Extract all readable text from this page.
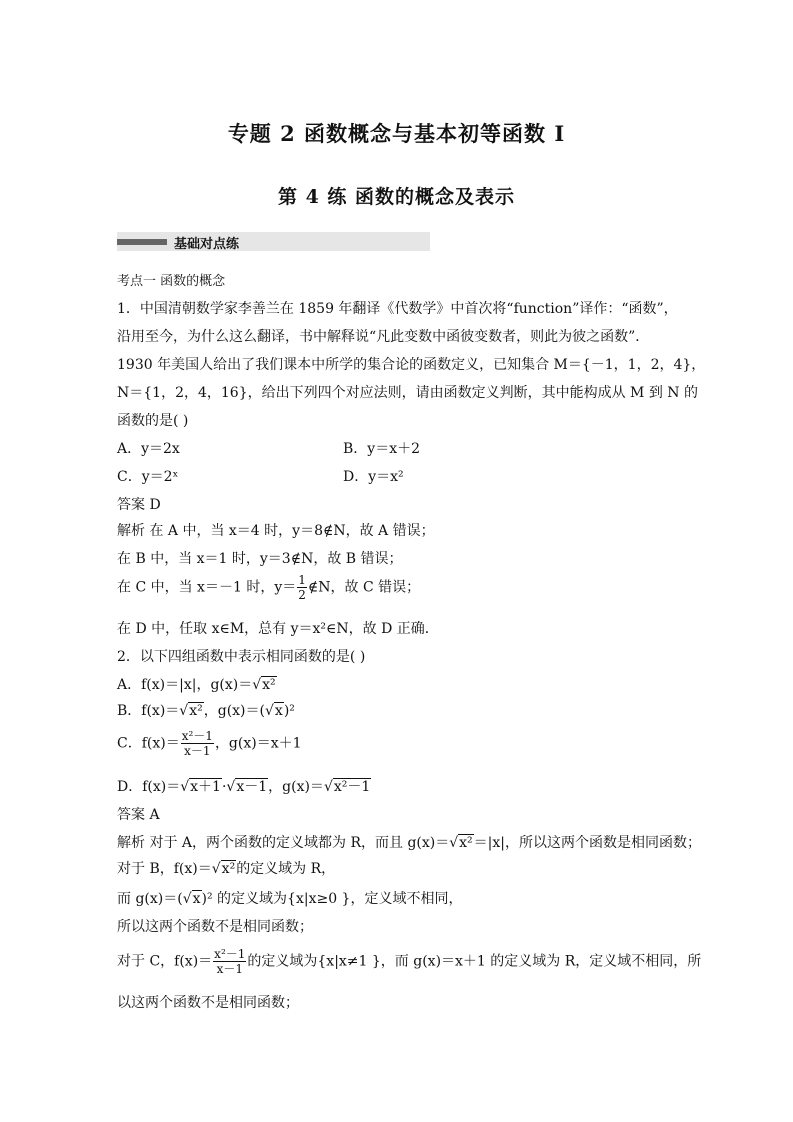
专题 2 函数概念与基本初等函数 Ⅰ
第 4 练 函数的概念及表示
基础对点练
考点一 函数的概念
1．中国清朝数学家李善兰在 1859 年翻译《代数学》中首次将“function”译作：“函数”，
沿用至今，为什么这么翻译，书中解释说“凡此变数中函彼变数者，则此为彼之函数”．
1930 年美国人给出了我们课本中所学的集合论的函数定义，已知集合 M＝{－1，1，2，4}，
N＝{1，2，4，16}，给出下列四个对应法则，请由函数定义判断，其中能构成从 M 到 N 的
函数的是( )
A．y＝2x	B．y＝x＋2
C．y＝2ˣ	D．y＝x²
答案 D
解析 在 A 中，当 x＝4 时，y＝8∉N，故 A 错误；
在 B 中，当 x＝1 时，y＝3∉N，故 B 错误；
在 C 中，当 x＝－1 时，$y= \frac{1}{2}$ ∉N，故 C 错误；
在 D 中，任取 x∈M，总有 y＝x²∈N，故 D 正确．
2．以下四组函数中表示相同函数的是( )
A．f(x)＝|x|，g(x)＝√x²
B．f(x)＝√x²，g(x)＝(√x)²
C．$f(x)= \frac{\text{x²－1}}{x-1}$ ，g(x)＝x＋1
D．f(x)＝√x＋1·√x－1，g(x)＝√x²－1
答案 A
解析 对于 A，两个函数的定义域都为 R，而且 g(x)＝√x²＝|x|，所以这两个函数是相同函数；
对于 B，f(x)＝√x²的定义域为 R，
而 g(x)＝(√x)² 的定义域为{x|x≥0 }，定义域不相同，
所以这两个函数不是相同函数；
对于 C，$f(x)= \frac{\text{x²－1}}{x-1}$ 的定义域为{x|x≠1 }，而 g(x)＝x＋1 的定义域为 R，定义域不相同，所
以这两个函数不是相同函数；
